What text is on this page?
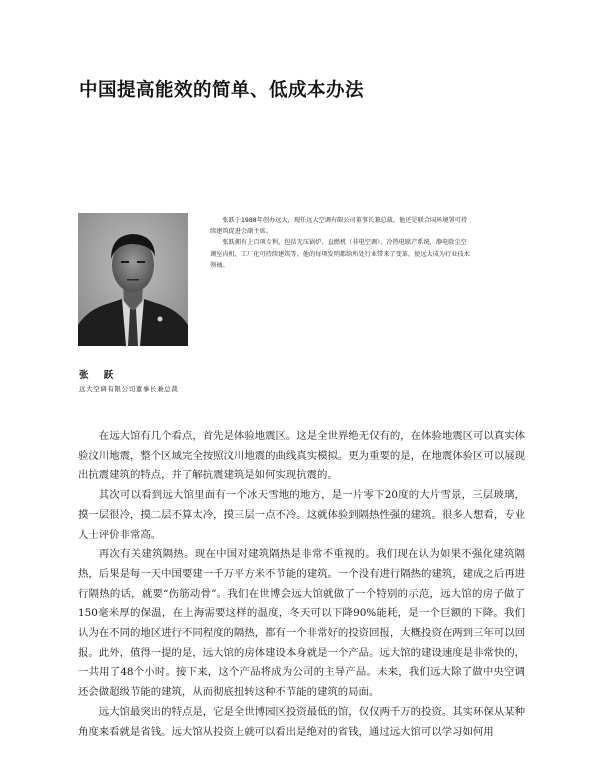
中国提高能效的简单、低成本办法

张跃于1988年创办远大，现任远大空调有限公司董事长兼总裁。他还是联合国环境署可持续建筑促进会副主席。

张跃拥有上百项专利，包括无压锅炉、直燃机（非电空调）、冷热电联产系统，静电除尘空调室内机、工厂化可持续建筑等。他的每项发明都给所处行业带来了变革，使远大成为行业技术领袖。

张 跃
远大空调有限公司董事长兼总裁

在远大馆有几个看点，首先是体验地震区。这是全世界绝无仅有的，在体验地震区可以真实体验汶川地震，整个区域完全按照汶川地震的曲线真实模拟。更为重要的是，在地震体验区可以展现出抗震建筑的特点，并了解抗震建筑是如何实现抗震的。

其次可以看到远大馆里面有一个冰天雪地的地方，是一片零下20度的大片雪景，三层玻璃，摸一层很冷，摸二层不算太冷，摸三层一点不冷。这就体验到隔热性强的建筑。很多人想看，专业人士评价非常高。

再次有关建筑隔热。现在中国对建筑隔热是非常不重视的。我们现在认为如果不强化建筑隔热，后果是每一天中国要建一千万平方米不节能的建筑。一个没有进行隔热的建筑，建成之后再进行隔热的话，就要“伤筋动骨”。我们在世博会远大馆就做了一个特别的示范，远大馆的房子做了150毫米厚的保温，在上海需要这样的温度，冬天可以下降90%能耗，是一个巨额的下降。我们认为在不同的地区进行不同程度的隔热，都有一个非常好的投资回报，大概投资在两到三年可以回报。此外，值得一提的是，远大馆的房体建设本身就是一个产品。远大馆的建设速度是非常快的，一共用了48个小时。接下来，这个产品将成为公司的主导产品。未来，我们远大除了做中央空调还会做超级节能的建筑，从而彻底扭转这种不节能的建筑的局面。

远大馆最突出的特点是，它是全世博园区投资最低的馆，仅仅两千万的投资。其实环保从某种角度来看就是省钱。远大馆从投资上就可以看出是绝对的省钱，通过远大馆可以学习如何用
